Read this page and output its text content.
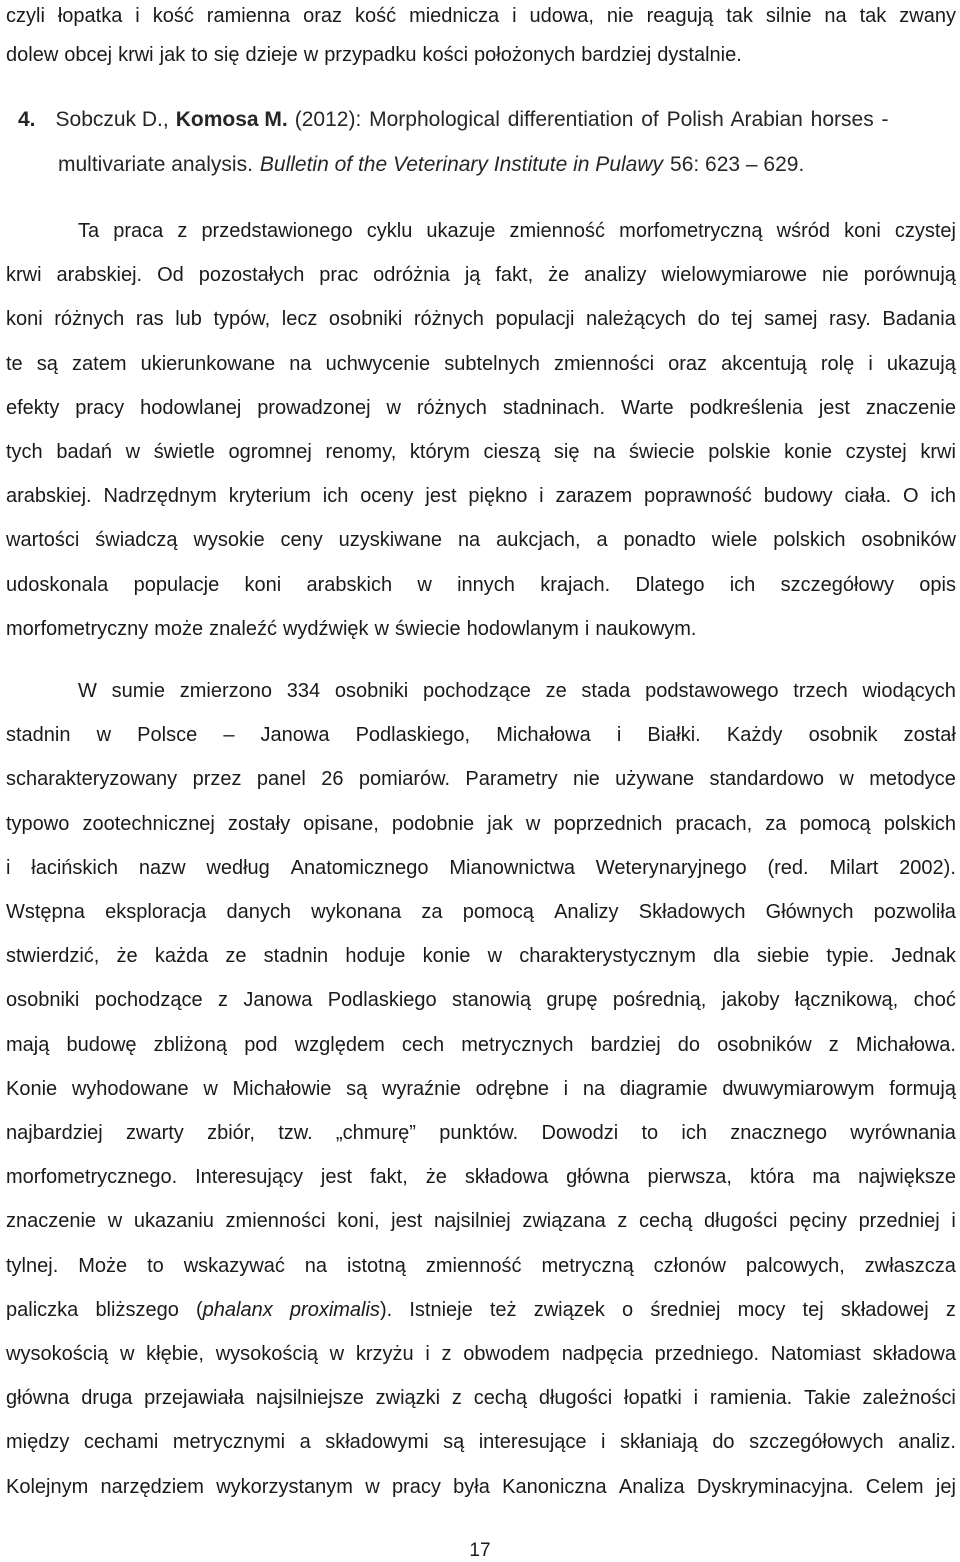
czyli łopatka i kość ramienna oraz kość miednicza i udowa, nie reagują tak silnie na tak zwany
dolew obcej krwi jak to się dzieje w przypadku kości położonych bardziej dystalnie.
4. Sobczuk D., Komosa M. (2012): Morphological differentiation of Polish Arabian horses -
multivariate analysis. Bulletin of the Veterinary Institute in Pulawy 56: 623 – 629.
Ta praca z przedstawionego cyklu ukazuje zmienność morfometryczną wśród koni czystej
krwi arabskiej. Od pozostałych prac odróżnia ją fakt, że analizy wielowymiarowe nie porównują
koni różnych ras lub typów, lecz osobniki różnych populacji należących do tej samej rasy. Badania
te są zatem ukierunkowane na uchwycenie subtelnych zmienności oraz akcentują rolę i ukazują
efekty pracy hodowlanej prowadzonej w różnych stadninach. Warte podkreślenia jest znaczenie
tych badań w świetle ogromnej renomy, którym cieszą się na świecie polskie konie czystej krwi
arabskiej. Nadrzędnym kryterium ich oceny jest piękno i zarazem poprawność budowy ciała. O ich
wartości świadczą wysokie ceny uzyskiwane na aukcjach, a ponadto wiele polskich osobników
udoskonala populacje koni arabskich w innych krajach. Dlatego ich szczegółowy opis
morfometryczny może znaleźć wydźwięk w świecie hodowlanym i naukowym.
W sumie zmierzono 334 osobniki pochodzące ze stada podstawowego trzech wiodących
stadnin w Polsce – Janowa Podlaskiego, Michałowa i Białki. Każdy osobnik został
scharakteryzowany przez panel 26 pomiarów. Parametry nie używane standardowo w metodyce
typowo zootechnicznej zostały opisane, podobnie jak w poprzednich pracach, za pomocą polskich
i łacińskich nazw według Anatomicznego Mianownictwa Weterynaryjnego (red. Milart 2002).
Wstępna eksploracja danych wykonana za pomocą Analizy Składowych Głównych pozwoliła
stwierdzić, że każda ze stadnin hoduje konie w charakterystycznym dla siebie typie. Jednak
osobniki pochodzące z Janowa Podlaskiego stanowią grupę pośrednią, jakoby łącznikową, choć
mają budowę zbliżoną pod względem cech metrycznych bardziej do osobników z Michałowa.
Konie wyhodowane w Michałowie są wyraźnie odrębne i na diagramie dwuwymiarowym formują
najbardziej zwarty zbiór, tzw. „chmurę” punktów. Dowodzi to ich znacznego wyrównania
morfometrycznego. Interesujący jest fakt, że składowa główna pierwsza, która ma największe
znaczenie w ukazaniu zmienności koni, jest najsilniej związana z cechą długości pęciny przedniej i
tylnej. Może to wskazywać na istotną zmienność metryczną członów palcowych, zwłaszcza
paliczka bliższego (phalanx proximalis). Istnieje też związek o średniej mocy tej składowej z
wysokością w kłębie, wysokością w krzyżu i z obwodem nadpęcia przedniego. Natomiast składowa
główna druga przejawiała najsilniejsze związki z cechą długości łopatki i ramienia. Takie zależności
między cechami metrycznymi a składowymi są interesujące i skłaniają do szczegółowych analiz.
Kolejnym narzędziem wykorzystanym w pracy była Kanoniczna Analiza Dyskryminacyjna. Celem jej
17
